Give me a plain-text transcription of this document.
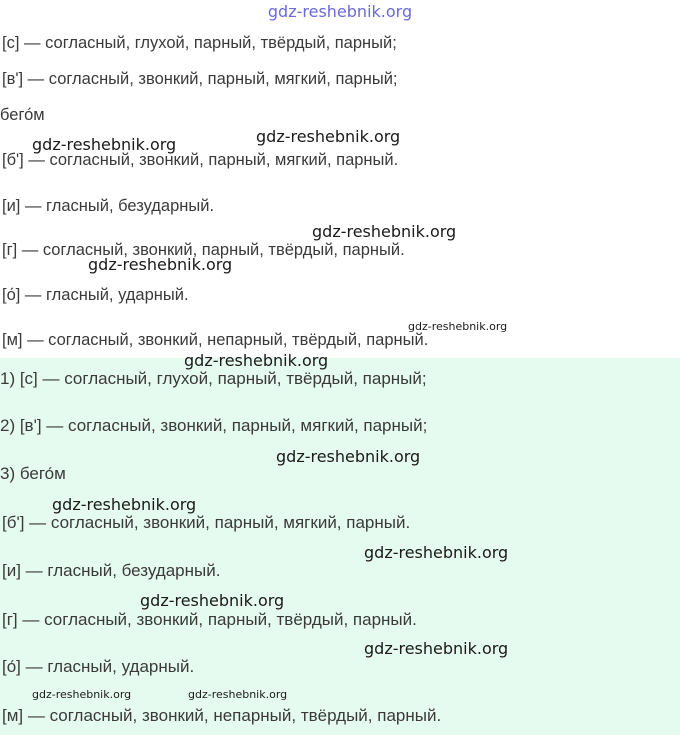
[с] — согласный, глухой, парный, твёрдый, парный;
[в'] — согласный, звонкий, парный, мягкий, парный;
бего́м
[б'] — согласный, звонкий, парный, мягкий, парный.
[и] — гласный, безударный.
[г] — согласный, звонкий, парный, твёрдый, парный.
[о́] — гласный, ударный.
[м] — согласный, звонкий, непарный, твёрдый, парный.
1) [с] — согласный, глухой, парный, твёрдый, парный;
2) [в'] — согласный, звонкий, парный, мягкий, парный;
3) бего́м
[б'] — согласный, звонкий, парный, мягкий, парный.
[и] — гласный, безударный.
[г] — согласный, звонкий, парный, твёрдый, парный.
[о́] — гласный, ударный.
[м] — согласный, звонкий, непарный, твёрдый, парный.
gdz-reshebnik.org
gdz-reshebnik.org	gdz-reshebnik.org
gdz-reshebnik.org
gdz-reshebnik.org
gdz-reshebnik.org
gdz-reshebnik.org
gdz-reshebnik.org
gdz-reshebnik.org
gdz-reshebnik.org
gdz-reshebnik.org
gdz-reshebnik.org
gdz-reshebnik.org	gdz-reshebnik.org
